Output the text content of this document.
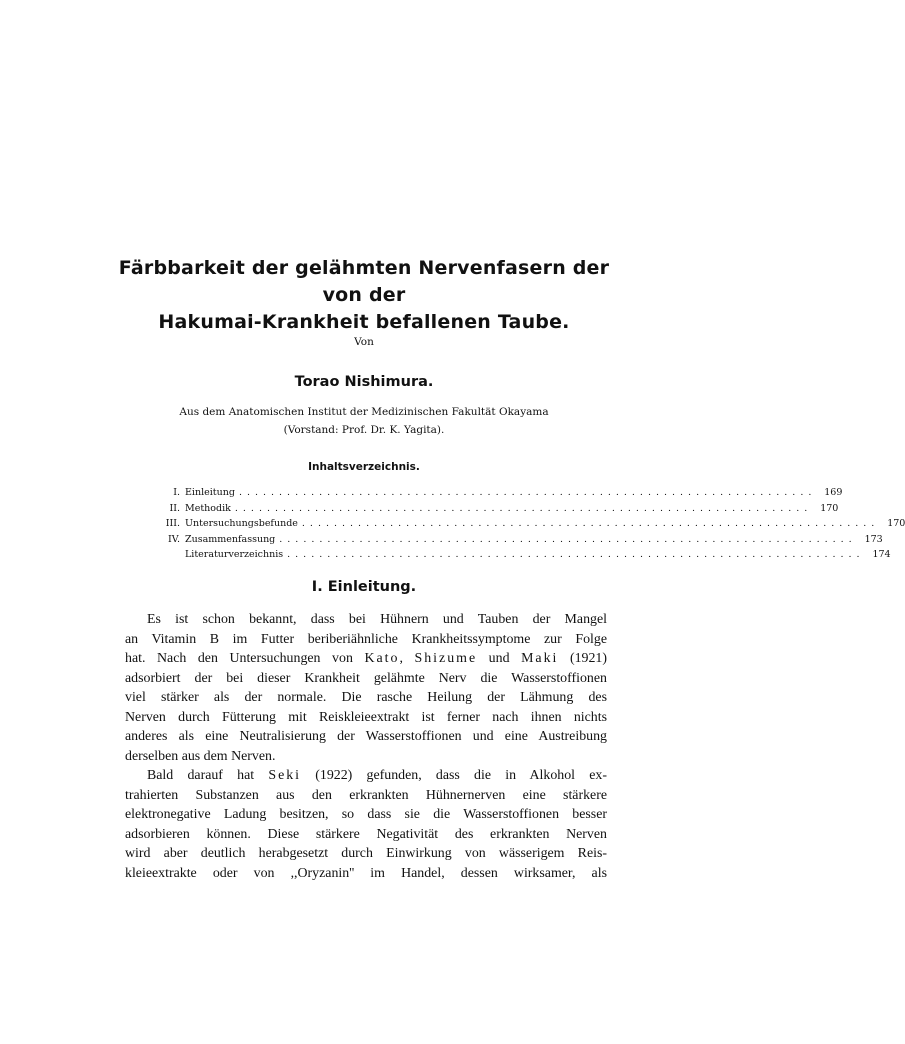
Färbbarkeit der gelähmten Nervenfasern der von der
Hakumai-Krankheit befallenen Taube.

Von

Torao Nishimura.

Aus dem Anatomischen Institut der Medizinischen Fakultät Okayama
(Vorstand: Prof. Dr. K. Yagita).

Inhaltsverzeichnis.

I. Einleitung ........................................................................ 169
II. Methodik ........................................................................ 170
III. Untersuchungsbefunde ........................................................................ 170
IV. Zusammenfassung ........................................................................ 173
Literaturverzeichnis ........................................................................ 174
I. Einleitung.
Es ist schon bekannt, dass bei Hühnern und Tauben der Mangel
an Vitamin B im Futter beriberiähnliche Krankheitssymptome zur Folge
hat. Nach den Untersuchungen von Kato, Shizume und Maki (1921)
adsorbiert der bei dieser Krankheit gelähmte Nerv die Wasserstoffionen
viel stärker als der normale. Die rasche Heilung der Lähmung des
Nerven durch Fütterung mit Reiskleieextrakt ist ferner nach ihnen nichts
anderes als eine Neutralisierung der Wasserstoffionen und eine Austreibung
derselben aus dem Nerven.
Bald darauf hat Seki (1922) gefunden, dass die in Alkohol ex-
trahierten Substanzen aus den erkrankten Hühnernerven eine stärkere
elektronegative Ladung besitzen, so dass sie die Wasserstoffionen besser
adsorbieren können. Diese stärkere Negativität des erkrankten Nerven
wird aber deutlich herabgesetzt durch Einwirkung von wässerigem Reis-
kleieextrakte oder von ,,Oryzanin'' im Handel, dessen wirksamer, als
